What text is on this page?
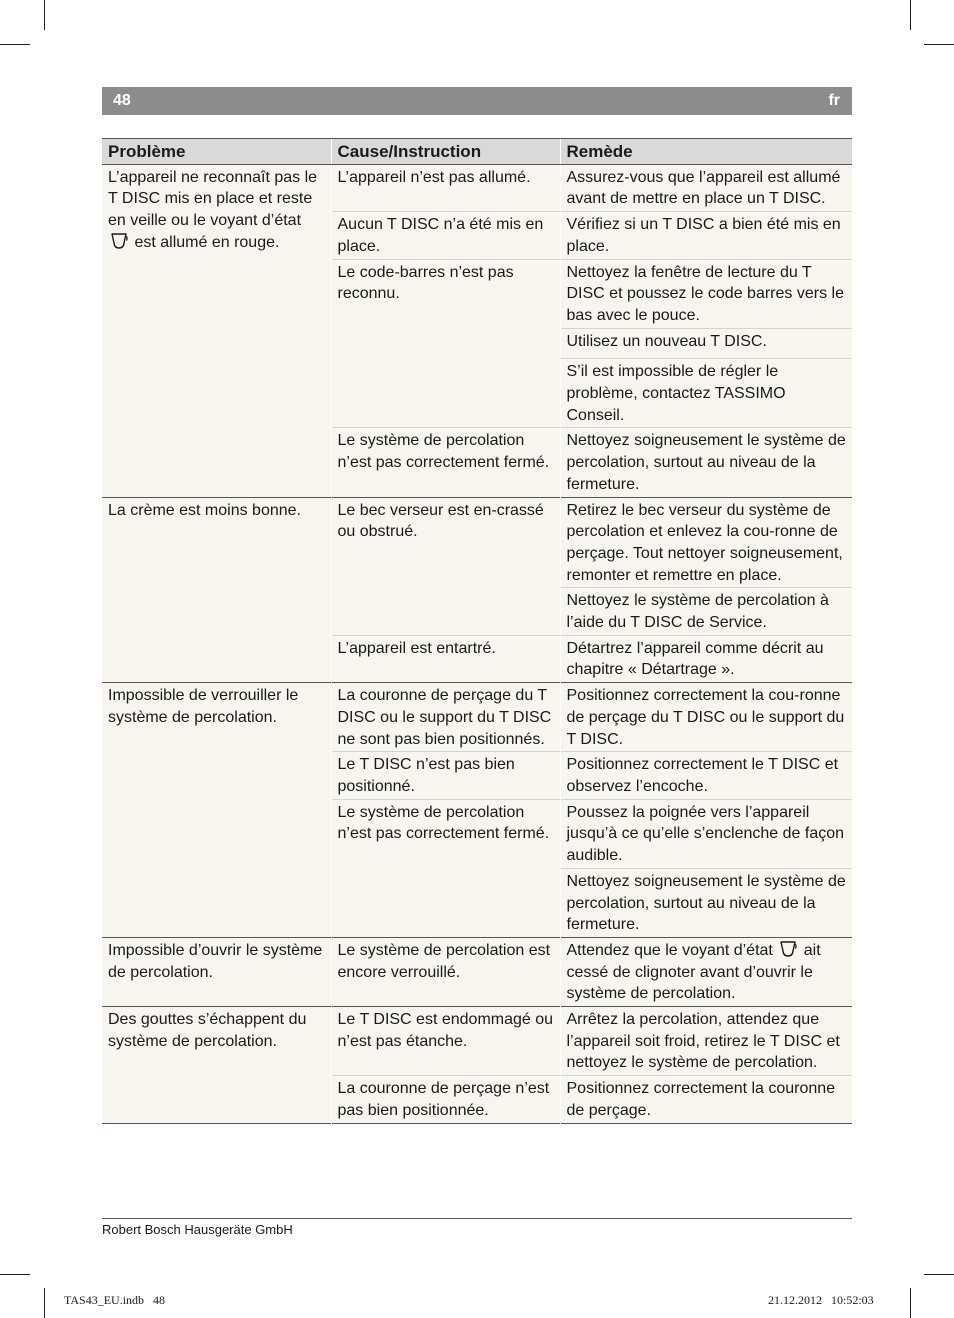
48	fr
Problème	Cause/Instruction	Remède
L’appareil ne reconnaît pas le T DISC mis en place et reste en veille ou le voyant d’état  est allumé en rouge.	L’appareil n’est pas allumé.	Assurez-vous que l’appareil est allumé avant de mettre en place un T DISC.
	Aucun T DISC n’a été mis en place.	Vérifiez si un T DISC a bien été mis en place.
	Le code-barres n’est pas reconnu.	Nettoyez la fenêtre de lecture du T DISC et poussez le code barres vers le bas avec le pouce.
		Utilisez un nouveau T DISC.
		S’il est impossible de régler le problème, contactez TASSIMO Conseil.
	Le système de percolation n’est pas correctement fermé.	Nettoyez soigneusement le système de percolation, surtout au niveau de la fermeture.
La crème est moins bonne.	Le bec verseur est en-crassé ou obstrué.	Retirez le bec verseur du système de percolation et enlevez la cou-ronne de perçage. Tout nettoyer soigneusement, remonter et remettre en place.
		Nettoyez le système de percolation à l’aide du T DISC de Service.
	L’appareil est entartré.	Détartrez l’appareil comme décrit au chapitre « Détartrage ».
Impossible de verrouiller le système de percolation.	La couronne de perçage du T DISC ou le support du T DISC ne sont pas bien positionnés.	Positionnez correctement la cou-ronne de perçage du T DISC ou le support du T DISC.
	Le T DISC n’est pas bien positionné.	Positionnez correctement le T DISC et observez l’encoche.
	Le système de percolation n’est pas correctement fermé.	Poussez la poignée vers l’appareil jusqu’à ce qu’elle s’enclenche de façon audible.
		Nettoyez soigneusement le système de percolation, surtout au niveau de la fermeture.
Impossible d’ouvrir le système de percolation.	Le système de percolation est encore verrouillé.	Attendez que le voyant d’état ait cessé de clignoter avant d’ouvrir le système de percolation.
Des gouttes s’échappent du système de percolation.	Le T DISC est endommagé ou n’est pas étanche.	Arrêtez la percolation, attendez que l’appareil soit froid, retirez le T DISC et nettoyez le système de percolation.
	La couronne de perçage n’est pas bien positionnée.	Positionnez correctement la couronne de perçage.
Robert Bosch Hausgeräte GmbH
TAS43_EU.indb   48	21.12.2012   10:52:03
